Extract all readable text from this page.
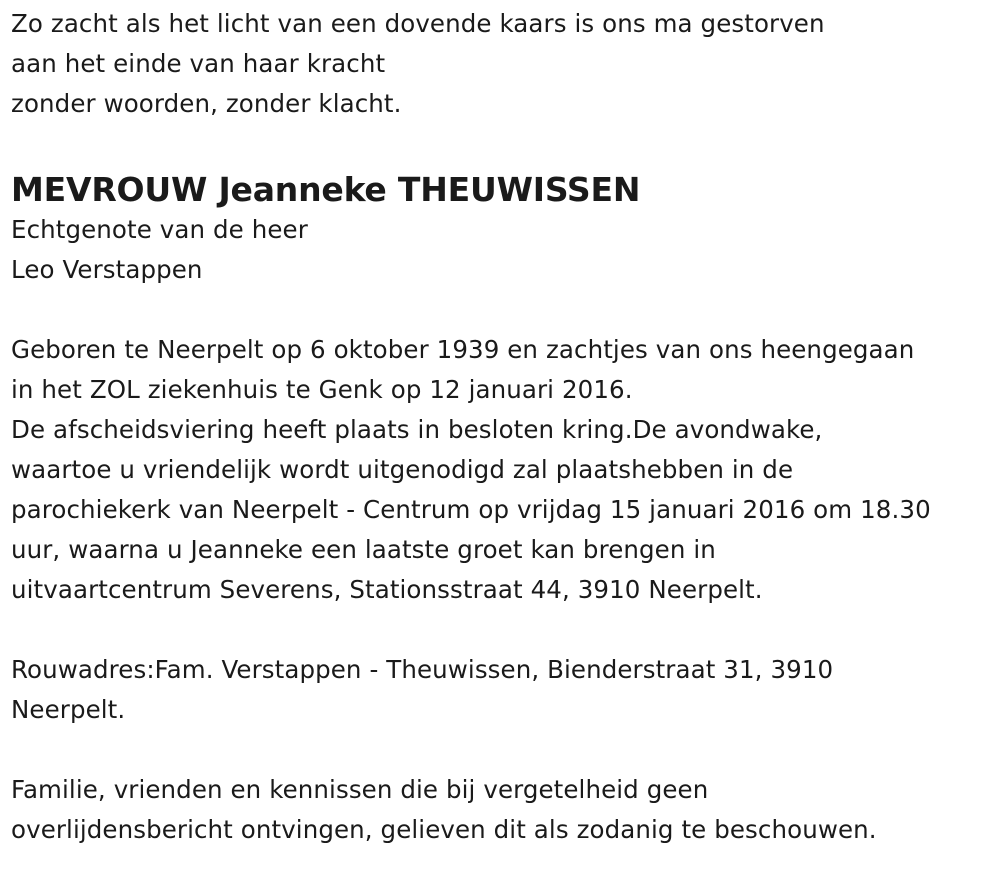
Zo zacht als het licht van een dovende kaars is ons ma gestorven

aan het einde van haar kracht

zonder woorden, zonder klacht.

MEVROUW Jeanneke THEUWISSEN

Echtgenote van de heer

Leo Verstappen

Geboren te Neerpelt op 6 oktober 1939 en zachtjes van ons heengegaan

in het ZOL ziekenhuis te Genk op 12 januari 2016.

De afscheidsviering heeft plaats in besloten kring.De avondwake,

waartoe u vriendelijk wordt uitgenodigd zal plaatshebben in de

parochiekerk van Neerpelt - Centrum op vrijdag 15 januari 2016 om 18.30

uur, waarna u Jeanneke een laatste groet kan brengen in

uitvaartcentrum Severens, Stationsstraat 44, 3910 Neerpelt.

Rouwadres:Fam. Verstappen - Theuwissen, Bienderstraat 31, 3910

Neerpelt.

Familie, vrienden en kennissen die bij vergetelheid geen

overlijdensbericht ontvingen, gelieven dit als zodanig te beschouwen.
